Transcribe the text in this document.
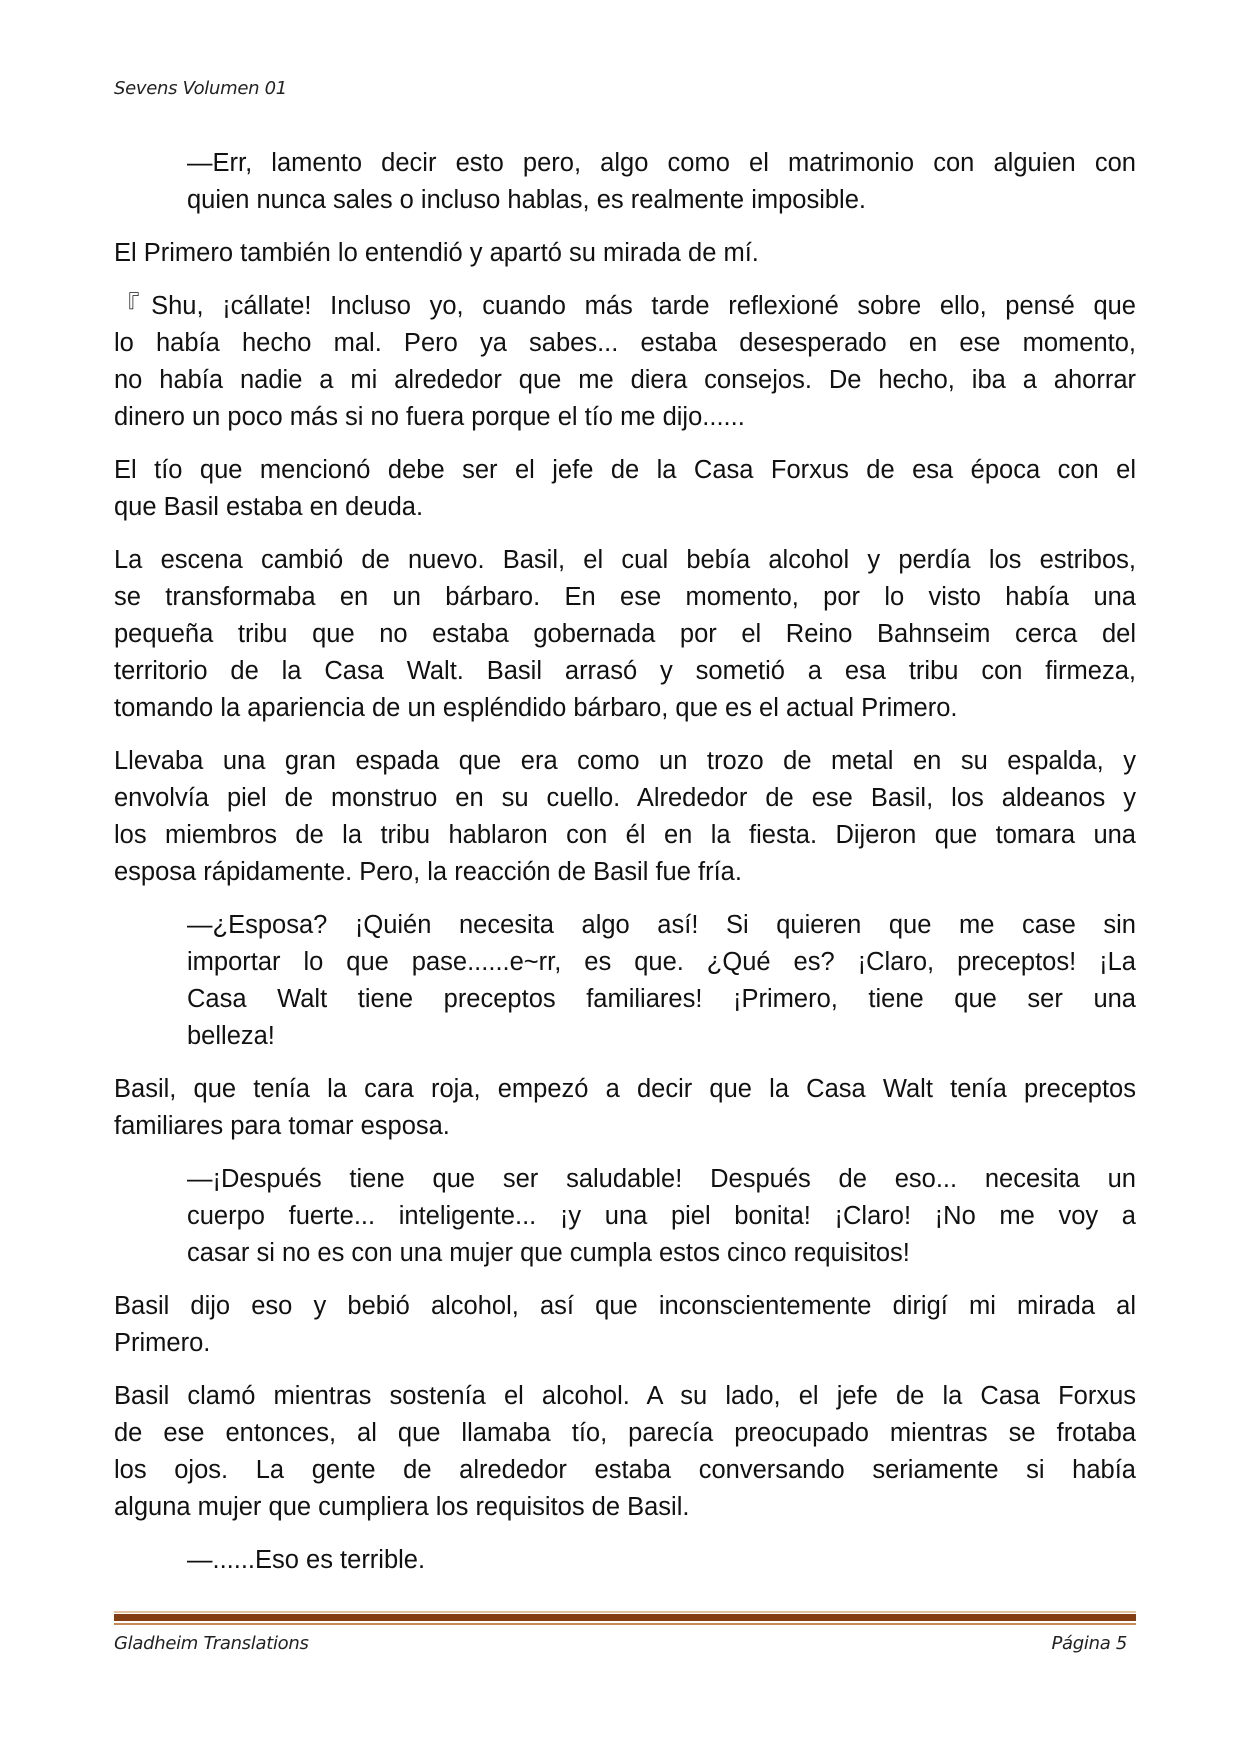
Sevens Volumen 01
—Err, lamento decir esto pero, algo como el matrimonio con alguien con
quien nunca sales o incluso hablas, es realmente imposible.
El Primero también lo entendió y apartó su mirada de mí.
『Shu, ¡cállate! Incluso yo, cuando más tarde reflexioné sobre ello, pensé que
lo había hecho mal. Pero ya sabes... estaba desesperado en ese momento,
no había nadie a mi alrededor que me diera consejos. De hecho, iba a ahorrar
dinero un poco más si no fuera porque el tío me dijo......
El tío que mencionó debe ser el jefe de la Casa Forxus de esa época con el
que Basil estaba en deuda.
La escena cambió de nuevo. Basil, el cual bebía alcohol y perdía los estribos,
se transformaba en un bárbaro. En ese momento, por lo visto había una
pequeña tribu que no estaba gobernada por el Reino Bahnseim cerca del
territorio de la Casa Walt. Basil arrasó y sometió a esa tribu con firmeza,
tomando la apariencia de un espléndido bárbaro, que es el actual Primero.
Llevaba una gran espada que era como un trozo de metal en su espalda, y
envolvía piel de monstruo en su cuello. Alrededor de ese Basil, los aldeanos y
los miembros de la tribu hablaron con él en la fiesta. Dijeron que tomara una
esposa rápidamente. Pero, la reacción de Basil fue fría.
—¿Esposa? ¡Quién necesita algo así! Si quieren que me case sin
importar lo que pase......e~rr, es que. ¿Qué es? ¡Claro, preceptos! ¡La
Casa Walt tiene preceptos familiares! ¡Primero, tiene que ser una
belleza!
Basil, que tenía la cara roja, empezó a decir que la Casa Walt tenía preceptos
familiares para tomar esposa.
—¡Después tiene que ser saludable! Después de eso... necesita un
cuerpo fuerte... inteligente... ¡y una piel bonita! ¡Claro! ¡No me voy a
casar si no es con una mujer que cumpla estos cinco requisitos!
Basil dijo eso y bebió alcohol, así que inconscientemente dirigí mi mirada al
Primero.
Basil clamó mientras sostenía el alcohol. A su lado, el jefe de la Casa Forxus
de ese entonces, al que llamaba tío, parecía preocupado mientras se frotaba
los ojos. La gente de alrededor estaba conversando seriamente si había
alguna mujer que cumpliera los requisitos de Basil.
—......Eso es terrible.
Gladheim Translations	Página 5
